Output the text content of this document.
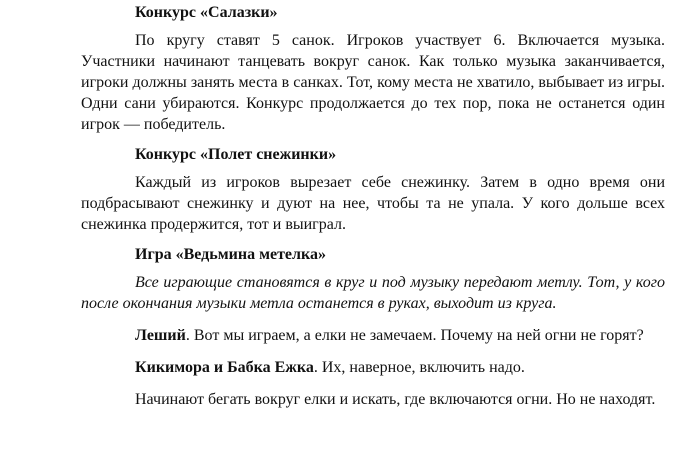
Конкурс «Салазки»

По кругу ставят 5 санок. Игроков участвует 6. Включается музыка. Участники начинают танцевать вокруг санок. Как только музыка заканчивается, игроки должны занять места в санках. Тот, кому места не хватило, выбывает из игры. Одни сани убираются. Конкурс продолжается до тех пор, пока не останется один игрок — победитель.

Конкурс «Полет снежинки»

Каждый из игроков вырезает себе снежинку. Затем в одно время они подбрасывают снежинку и дуют на нее, чтобы та не упала. У кого дольше всех снежинка продержится, тот и выиграл.

Игра «Ведьмина метелка»

Все играющие становятся в круг и под музыку передают метлу. Тот, у кого после окончания музыки метла останется в руках, выходит из круга.

Леший. Вот мы играем, а елки не замечаем. Почему на ней огни не горят?

Кикимора и Бабка Ежка. Их, наверное, включить надо.

Начинают бегать вокруг елки и искать, где включаются огни. Но не находят.
